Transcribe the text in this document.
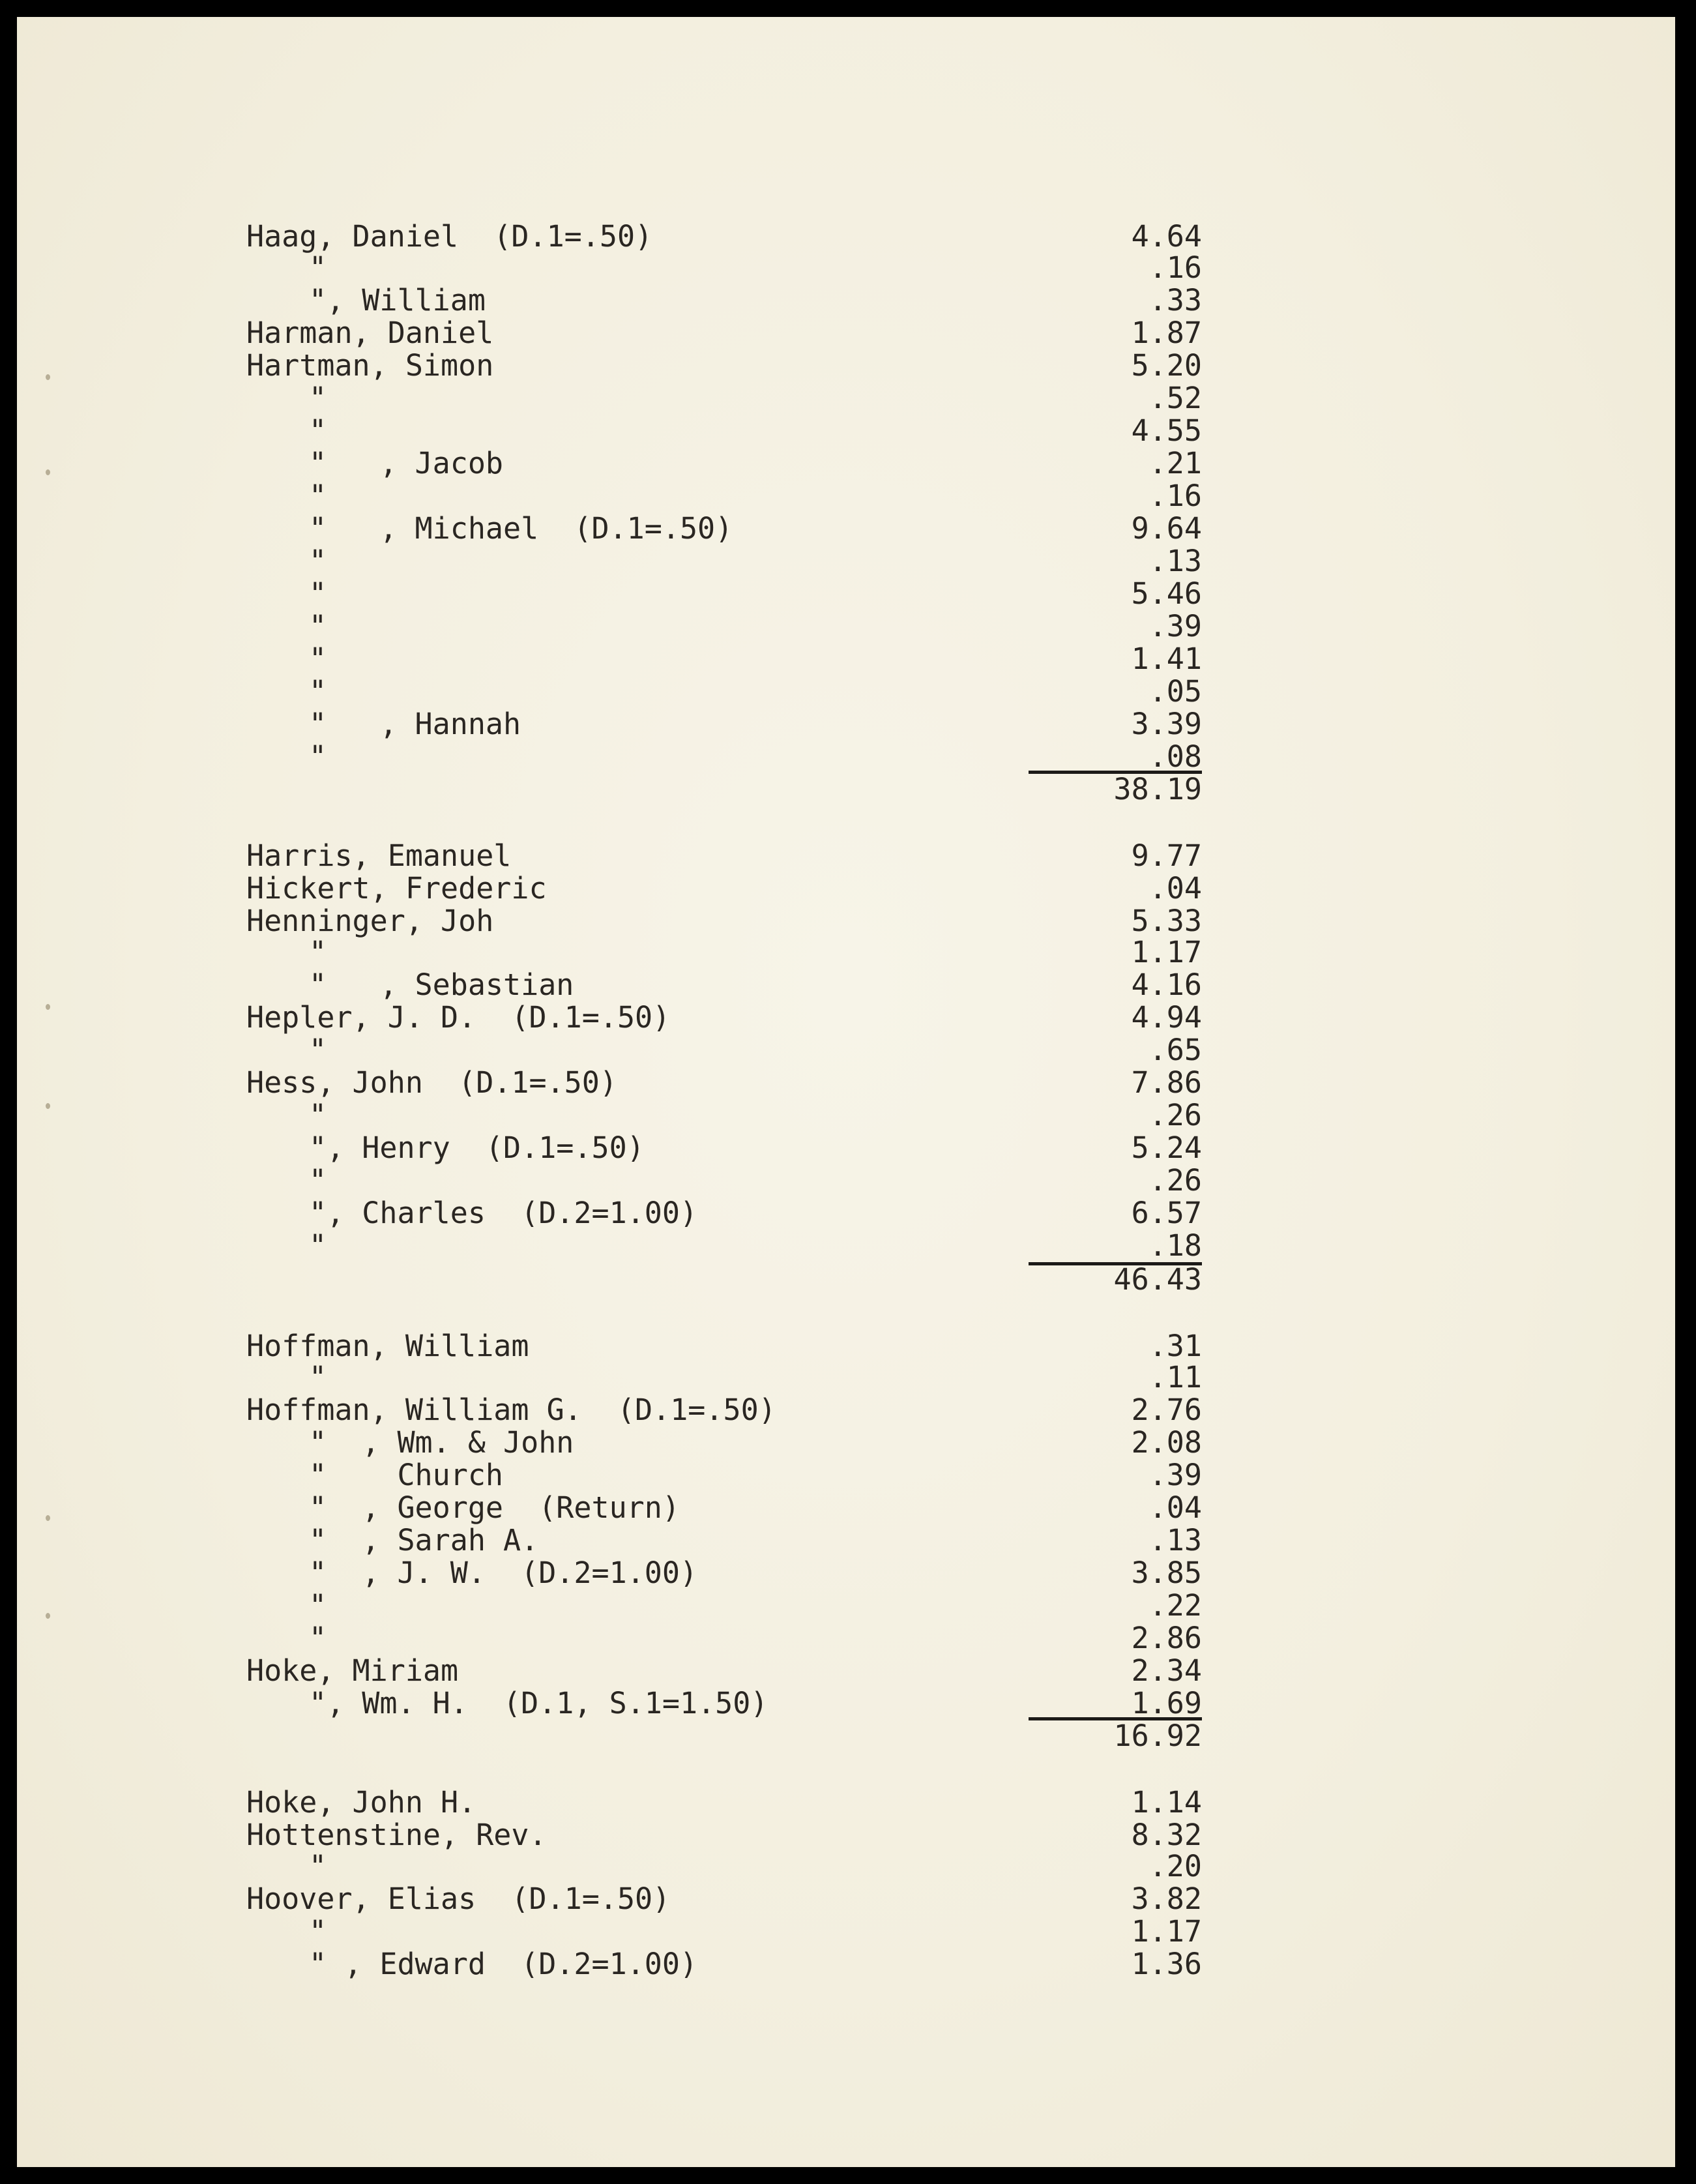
Haag, Daniel  (D.1=.50)	4.64
"	.16
", William	.33
Harman, Daniel	1.87
Hartman, Simon	5.20
"	.52
"	4.55
"   , Jacob	.21
"	.16
"   , Michael  (D.1=.50)	9.64
"	.13
"	5.46
"	.39
"	1.41
"	.05
"   , Hannah	3.39
"	.08
38.19
Harris, Emanuel	9.77
Hickert, Frederic	.04
Henninger, Joh	5.33
"	1.17
"   , Sebastian	4.16
Hepler, J. D.  (D.1=.50)	4.94
"	.65
Hess, John  (D.1=.50)	7.86
"	.26
", Henry  (D.1=.50)	5.24
"	.26
", Charles  (D.2=1.00)	6.57
"	.18
46.43
Hoffman, William	.31
"	.11
Hoffman, William G.  (D.1=.50)	2.76
"  , Wm. & John	2.08
"    Church	.39
"  , George  (Return)	.04
"  , Sarah A.	.13
"  , J. W.  (D.2=1.00)	3.85
"	.22
"	2.86
Hoke, Miriam	2.34
", Wm. H.  (D.1, S.1=1.50)	1.69
16.92
Hoke, John H.	1.14
Hottenstine, Rev.	8.32
"	.20
Hoover, Elias  (D.1=.50)	3.82
"	1.17
" , Edward  (D.2=1.00)	1.36
